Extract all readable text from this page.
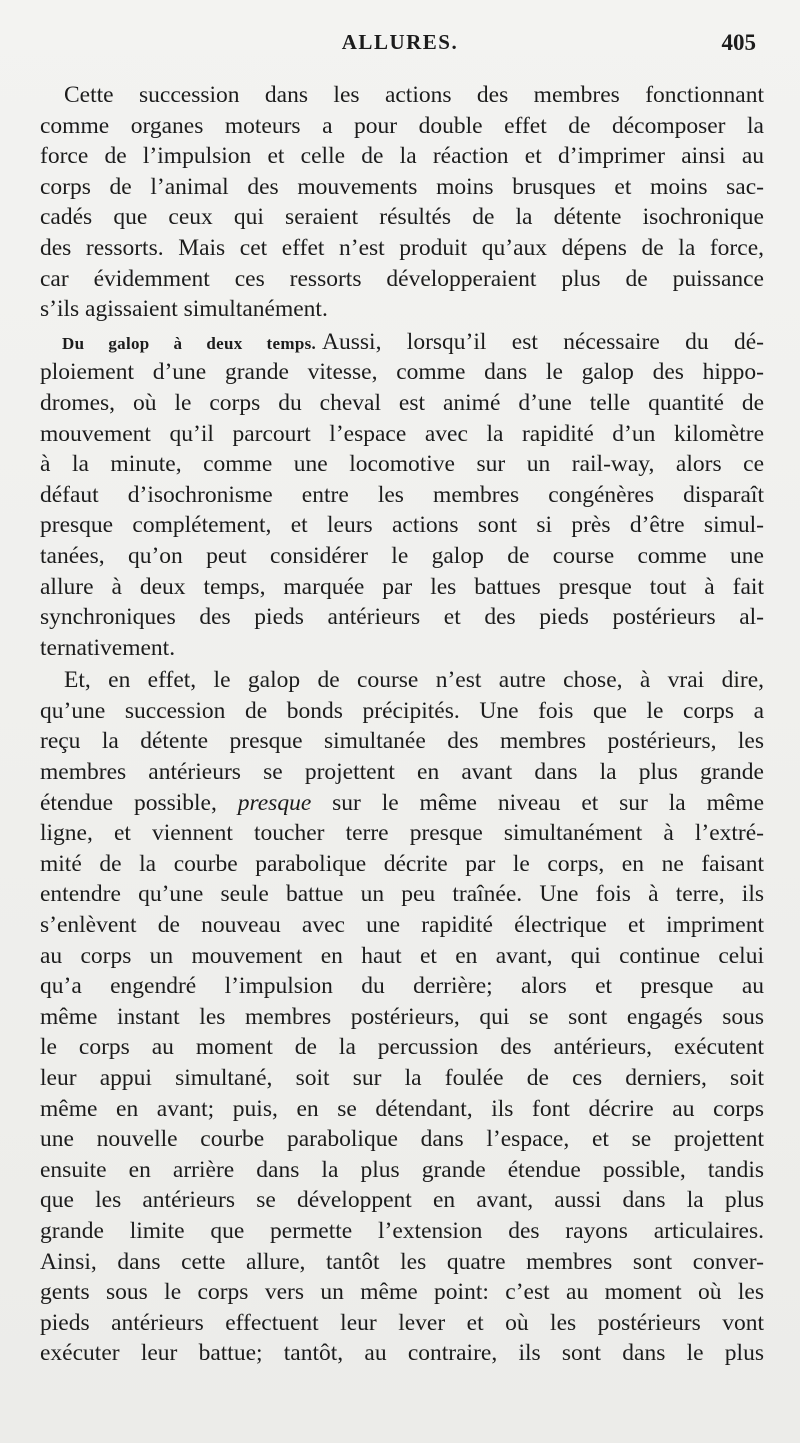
ALLURES.	405
Cette succession dans les actions des membres fonctionnant
comme organes moteurs a pour double effet de décomposer la
force de l’impulsion et celle de la réaction et d’imprimer ainsi au
corps de l’animal des mouvements moins brusques et moins sac-
cadés que ceux qui seraient résultés de la détente isochronique
des ressorts. Mais cet effet n’est produit qu’aux dépens de la force,
car évidemment ces ressorts développeraient plus de puissance
s’ils agissaient simultanément.
Du galop à deux temps. Aussi, lorsqu’il est nécessaire du dé-
ploiement d’une grande vitesse, comme dans le galop des hippo-
dromes, où le corps du cheval est animé d’une telle quantité de
mouvement qu’il parcourt l’espace avec la rapidité d’un kilomètre
à la minute, comme une locomotive sur un rail-way, alors ce
défaut d’isochronisme entre les membres congénères disparaît
presque complétement, et leurs actions sont si près d’être simul-
tanées, qu’on peut considérer le galop de course comme une
allure à deux temps, marquée par les battues presque tout à fait
synchroniques des pieds antérieurs et des pieds postérieurs al-
ternativement.
Et, en effet, le galop de course n’est autre chose, à vrai dire,
qu’une succession de bonds précipités. Une fois que le corps a
reçu la détente presque simultanée des membres postérieurs, les
membres antérieurs se projettent en avant dans la plus grande
étendue possible, presque sur le même niveau et sur la même
ligne, et viennent toucher terre presque simultanément à l’extré-
mité de la courbe parabolique décrite par le corps, en ne faisant
entendre qu’une seule battue un peu traînée. Une fois à terre, ils
s’enlèvent de nouveau avec une rapidité électrique et impriment
au corps un mouvement en haut et en avant, qui continue celui
qu’a engendré l’impulsion du derrière; alors et presque au
même instant les membres postérieurs, qui se sont engagés sous
le corps au moment de la percussion des antérieurs, exécutent
leur appui simultané, soit sur la foulée de ces derniers, soit
même en avant; puis, en se détendant, ils font décrire au corps
une nouvelle courbe parabolique dans l’espace, et se projettent
ensuite en arrière dans la plus grande étendue possible, tandis
que les antérieurs se développent en avant, aussi dans la plus
grande limite que permette l’extension des rayons articulaires.
Ainsi, dans cette allure, tantôt les quatre membres sont conver-
gents sous le corps vers un même point: c’est au moment où les
pieds antérieurs effectuent leur lever et où les postérieurs vont
exécuter leur battue; tantôt, au contraire, ils sont dans le plus
